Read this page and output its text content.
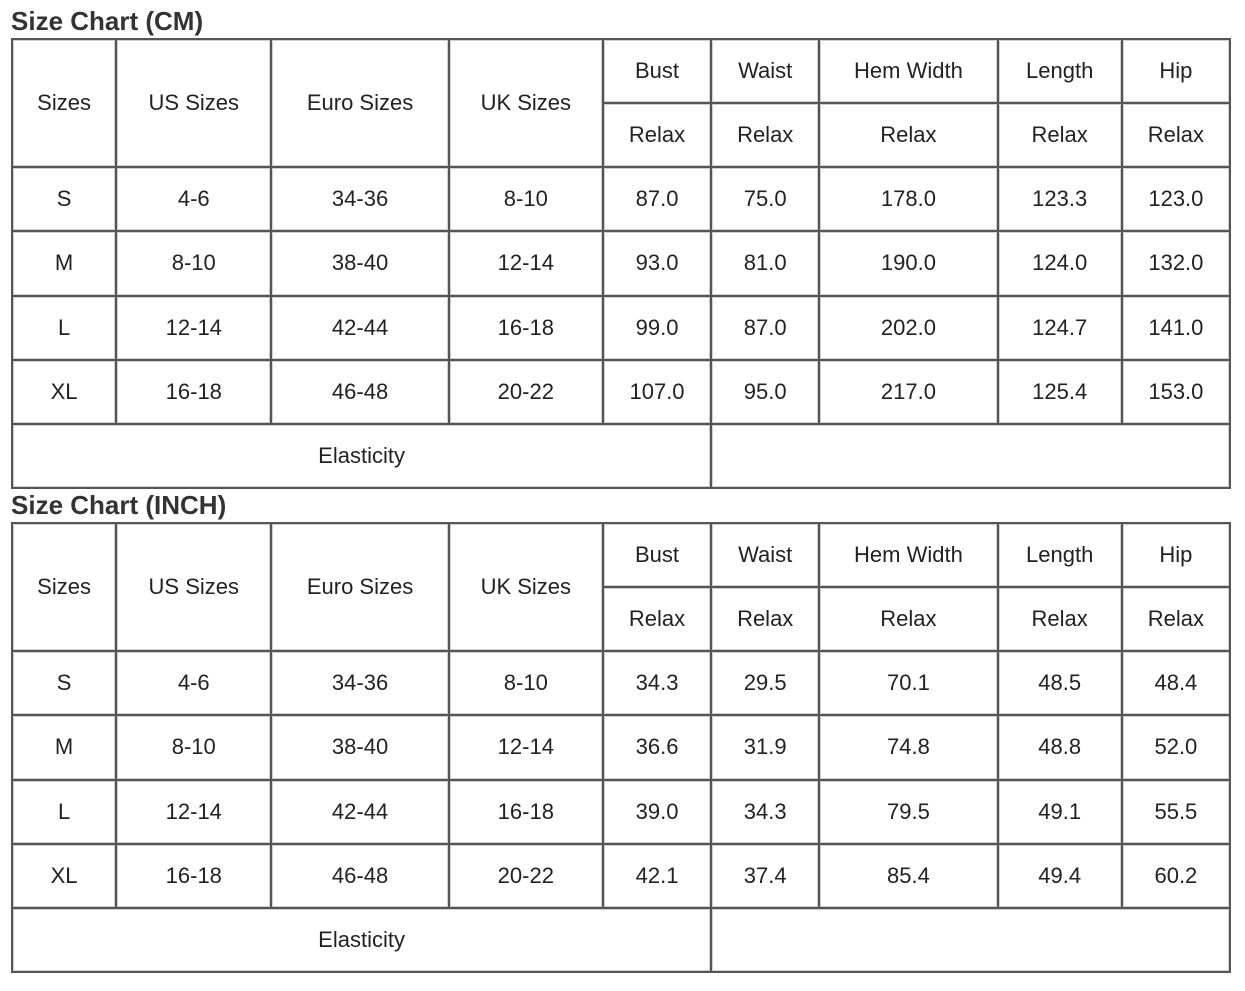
Size Chart (CM)
Sizes	US Sizes	Euro Sizes	UK Sizes	Bust	Waist	Hem Width	Length	Hip
				Relax	Relax	Relax	Relax	Relax
S	4-6	34-36	8-10	87.0	75.0	178.0	123.3	123.0
M	8-10	38-40	12-14	93.0	81.0	190.0	124.0	132.0
L	12-14	42-44	16-18	99.0	87.0	202.0	124.7	141.0
XL	16-18	46-48	20-22	107.0	95.0	217.0	125.4	153.0
Elasticity								
Size Chart (INCH)
Sizes	US Sizes	Euro Sizes	UK Sizes	Bust	Waist	Hem Width	Length	Hip
				Relax	Relax	Relax	Relax	Relax
S	4-6	34-36	8-10	34.3	29.5	70.1	48.5	48.4
M	8-10	38-40	12-14	36.6	31.9	74.8	48.8	52.0
L	12-14	42-44	16-18	39.0	34.3	79.5	49.1	55.5
XL	16-18	46-48	20-22	42.1	37.4	85.4	49.4	60.2
Elasticity								
